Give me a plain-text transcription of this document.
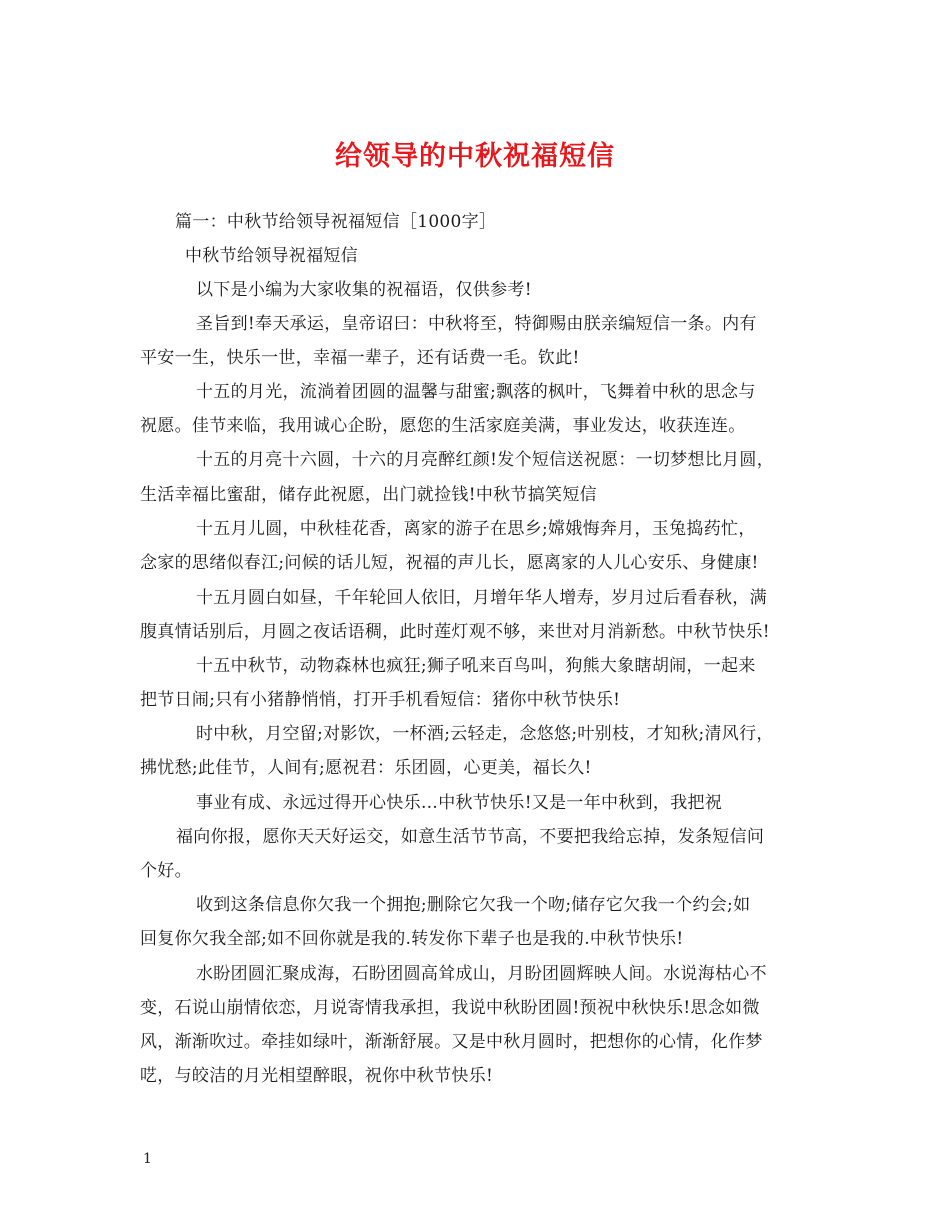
给领导的中秋祝福短信
篇一：中秋节给领导祝福短信［1000字］
中秋节给领导祝福短信
以下是小编为大家收集的祝福语，仅供参考!
圣旨到!奉天承运，皇帝诏曰：中秋将至，特御赐由朕亲编短信一条。内有
平安一生，快乐一世，幸福一辈子，还有话费一毛。钦此!
十五的月光，流淌着团圆的温馨与甜蜜;飘落的枫叶，飞舞着中秋的思念与
祝愿。佳节来临，我用诚心企盼，愿您的生活家庭美满，事业发达，收获连连。
十五的月亮十六圆，十六的月亮醉红颜!发个短信送祝愿：一切梦想比月圆，
生活幸福比蜜甜，储存此祝愿，出门就捡钱!中秋节搞笑短信
十五月儿圆，中秋桂花香，离家的游子在思乡;嫦娥悔奔月，玉兔捣药忙，
念家的思绪似春江;问候的话儿短，祝福的声儿长，愿离家的人儿心安乐、身健康!
十五月圆白如昼，千年轮回人依旧，月增年华人增寿，岁月过后看春秋，满
腹真情话别后，月圆之夜话语稠，此时莲灯观不够，来世对月消新愁。中秋节快乐!
十五中秋节，动物森林也疯狂;狮子吼来百鸟叫，狗熊大象瞎胡闹，一起来
把节日闹;只有小猪静悄悄，打开手机看短信：猪你中秋节快乐!
时中秋，月空留;对影饮，一杯酒;云轻走，念悠悠;叶别枝，才知秋;清风行，
拂忧愁;此佳节，人间有;愿祝君：乐团圆，心更美，福长久!
事业有成、永远过得开心快乐…中秋节快乐!又是一年中秋到，我把祝
福向你报，愿你天天好运交，如意生活节节高，不要把我给忘掉，发条短信问
个好。
收到这条信息你欠我一个拥抱;删除它欠我一个吻;储存它欠我一个约会;如
回复你欠我全部;如不回你就是我的.转发你下辈子也是我的.中秋节快乐!
水盼团圆汇聚成海，石盼团圆高耸成山，月盼团圆辉映人间。水说海枯心不
变，石说山崩情依恋，月说寄情我承担，我说中秋盼团圆!预祝中秋快乐!思念如微
风，渐渐吹过。牵挂如绿叶，渐渐舒展。又是中秋月圆时，把想你的心情，化作梦
呓，与皎洁的月光相望醉眼，祝你中秋节快乐!
1
